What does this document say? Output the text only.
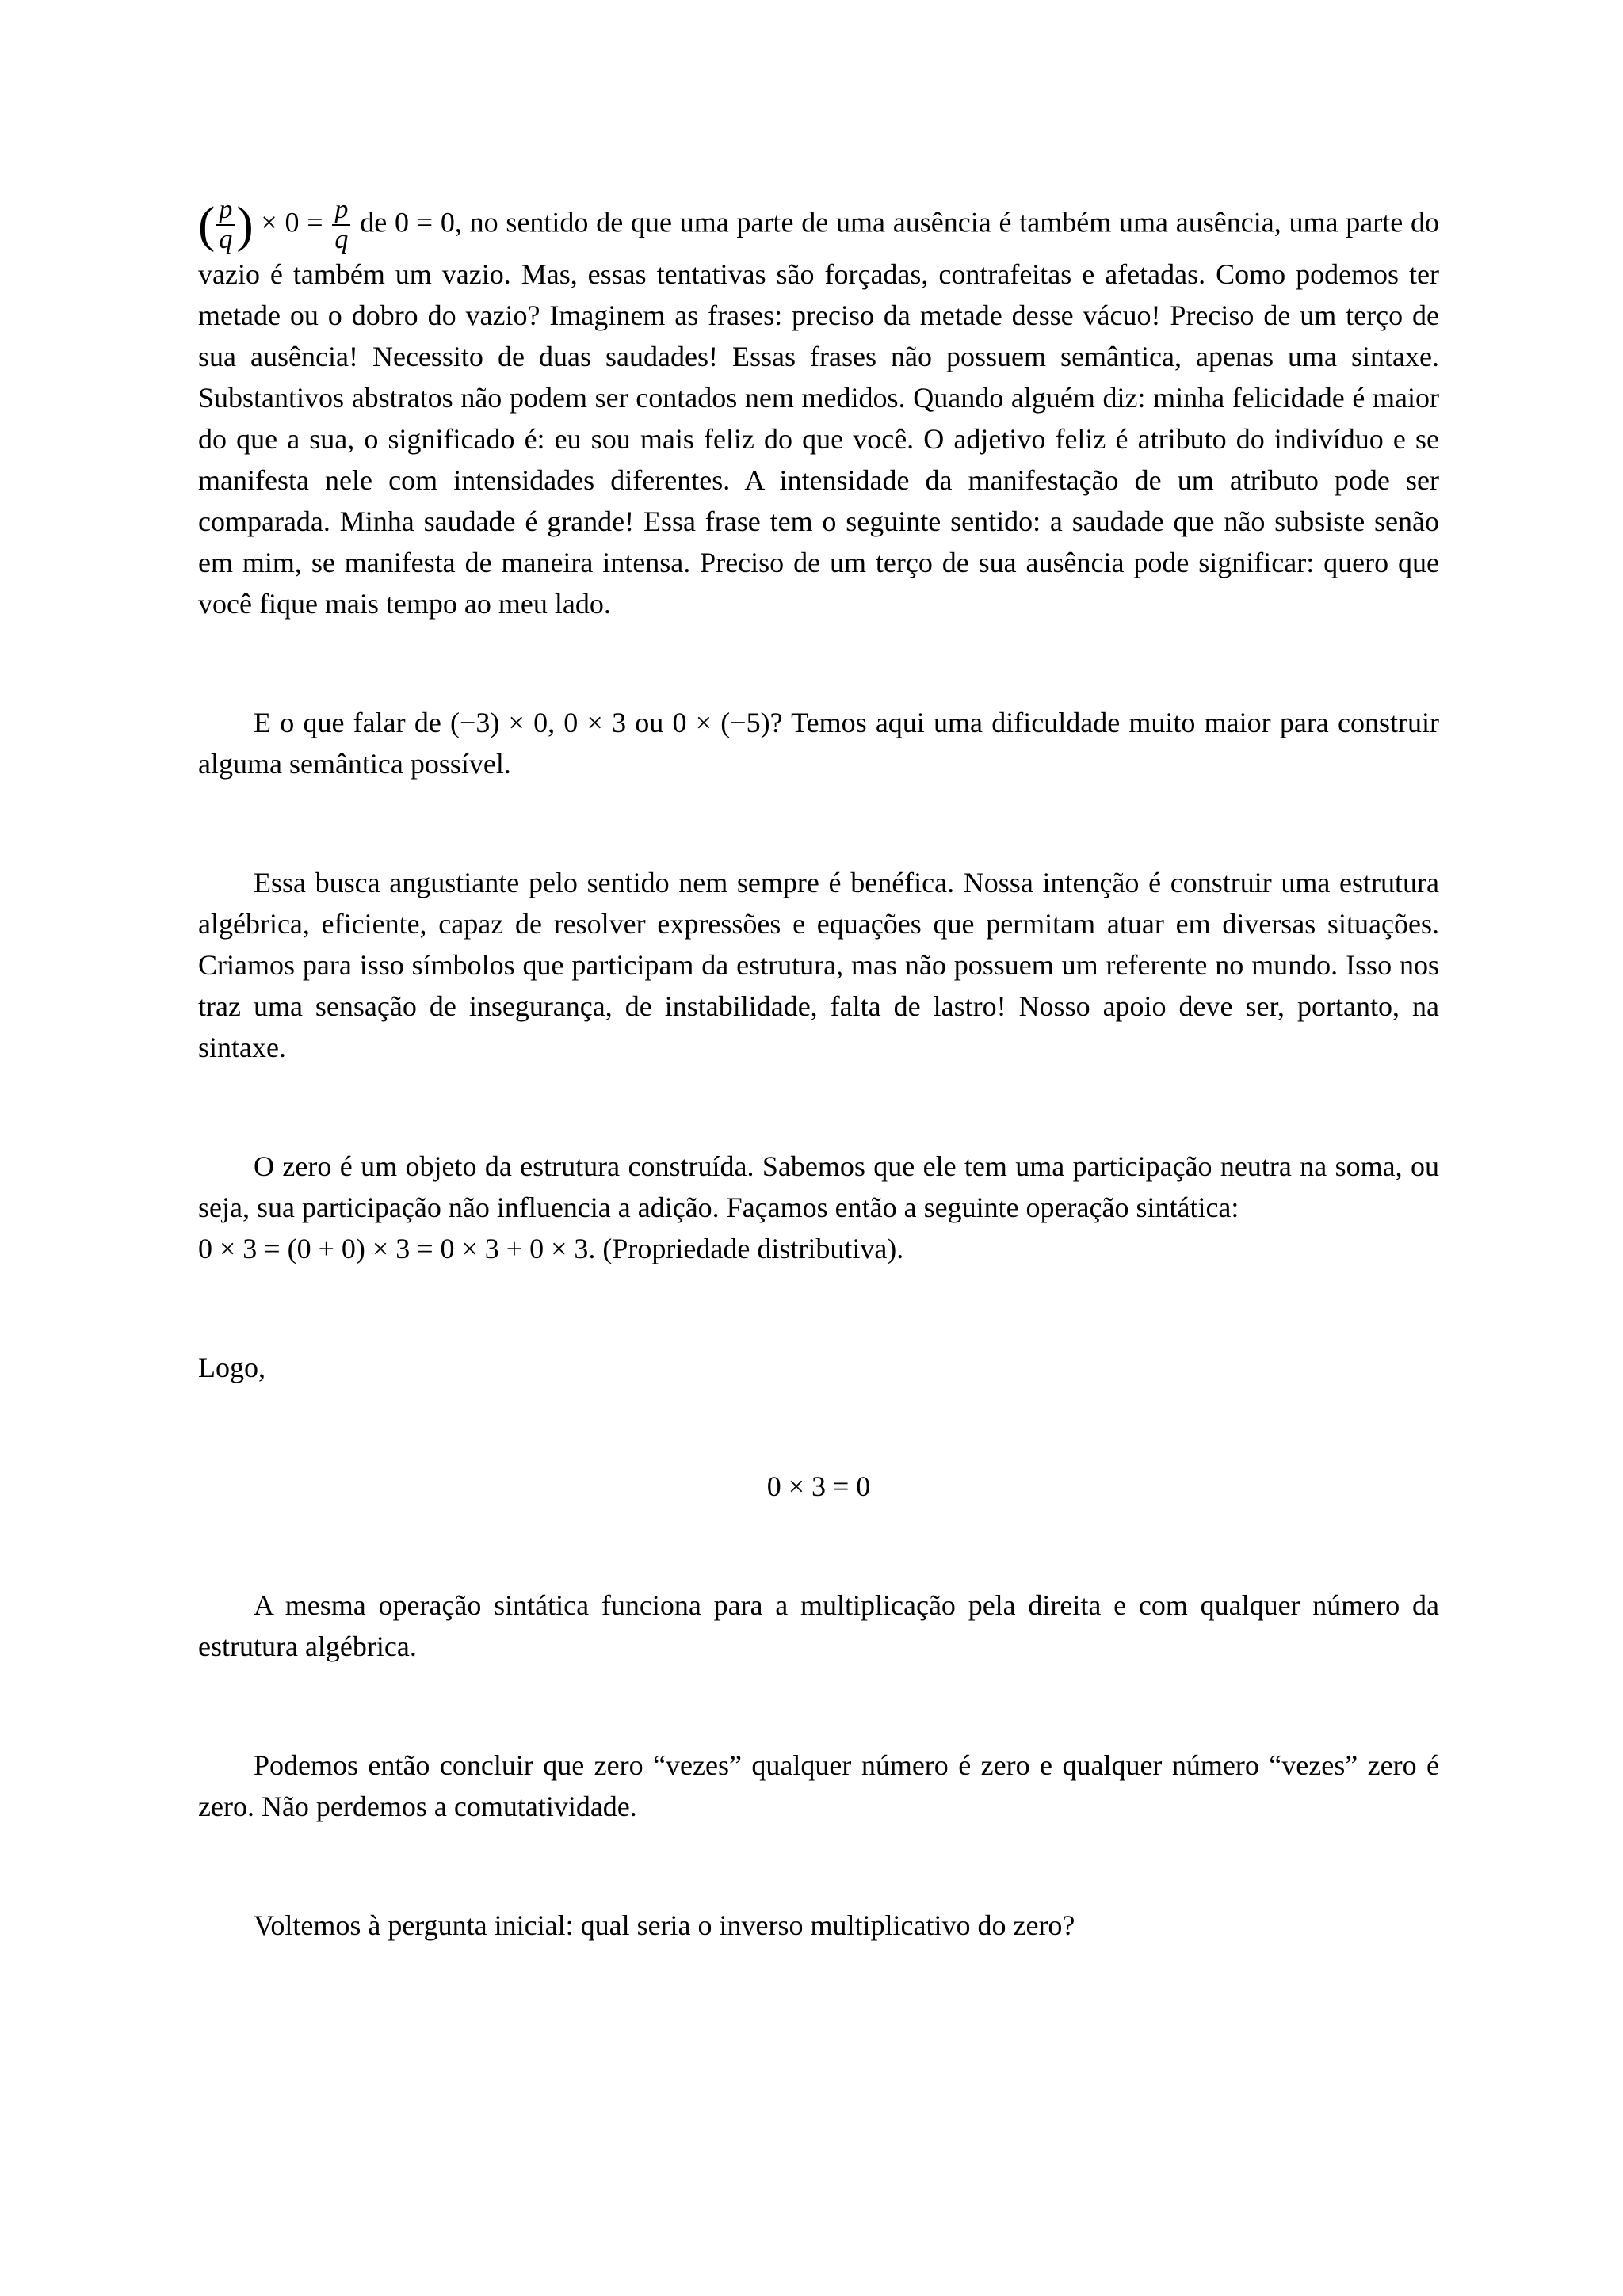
( $\frac{p}{q}$ ) × $0 = \frac{p}{q}$ de 0 = 0, no sentido de que uma parte de uma ausência é também uma ausência, uma parte do vazio é também um vazio. Mas, essas tentativas são forçadas, contrafeitas e afetadas. Como podemos ter metade ou o dobro do vazio? Imaginem as frases: preciso da metade desse vácuo! Preciso de um terço de sua ausência! Necessito de duas saudades! Essas frases não possuem semântica, apenas uma sintaxe. Substantivos abstratos não podem ser contados nem medidos. Quando alguém diz: minha felicidade é maior do que a sua, o significado é: eu sou mais feliz do que você. O adjetivo feliz é atributo do indivíduo e se manifesta nele com intensidades diferentes. A intensidade da manifestação de um atributo pode ser comparada. Minha saudade é grande! Essa frase tem o seguinte sentido: a saudade que não subsiste senão em mim, se manifesta de maneira intensa. Preciso de um terço de sua ausência pode significar: quero que você fique mais tempo ao meu lado.

E o que falar de (−3) × 0, 0 × 3 ou 0 × (−5)? Temos aqui uma dificuldade muito maior para construir alguma semântica possível.

Essa busca angustiante pelo sentido nem sempre é benéfica. Nossa intenção é construir uma estrutura algébrica, eficiente, capaz de resolver expressões e equações que permitam atuar em diversas situações. Criamos para isso símbolos que participam da estrutura, mas não possuem um referente no mundo. Isso nos traz uma sensação de insegurança, de instabilidade, falta de lastro! Nosso apoio deve ser, portanto, na sintaxe.

O zero é um objeto da estrutura construída. Sabemos que ele tem uma participação neutra na soma, ou seja, sua participação não influencia a adição. Façamos então a seguinte operação sintática:

0 × 3 = (0 + 0) × 3 = 0 × 3 + 0 × 3. (Propriedade distributiva).

Logo,

0 × 3 = 0

A mesma operação sintática funciona para a multiplicação pela direita e com qualquer número da estrutura algébrica.

Podemos então concluir que zero “vezes” qualquer número é zero e qualquer número “vezes” zero é zero. Não perdemos a comutatividade.

Voltemos à pergunta inicial: qual seria o inverso multiplicativo do zero?
